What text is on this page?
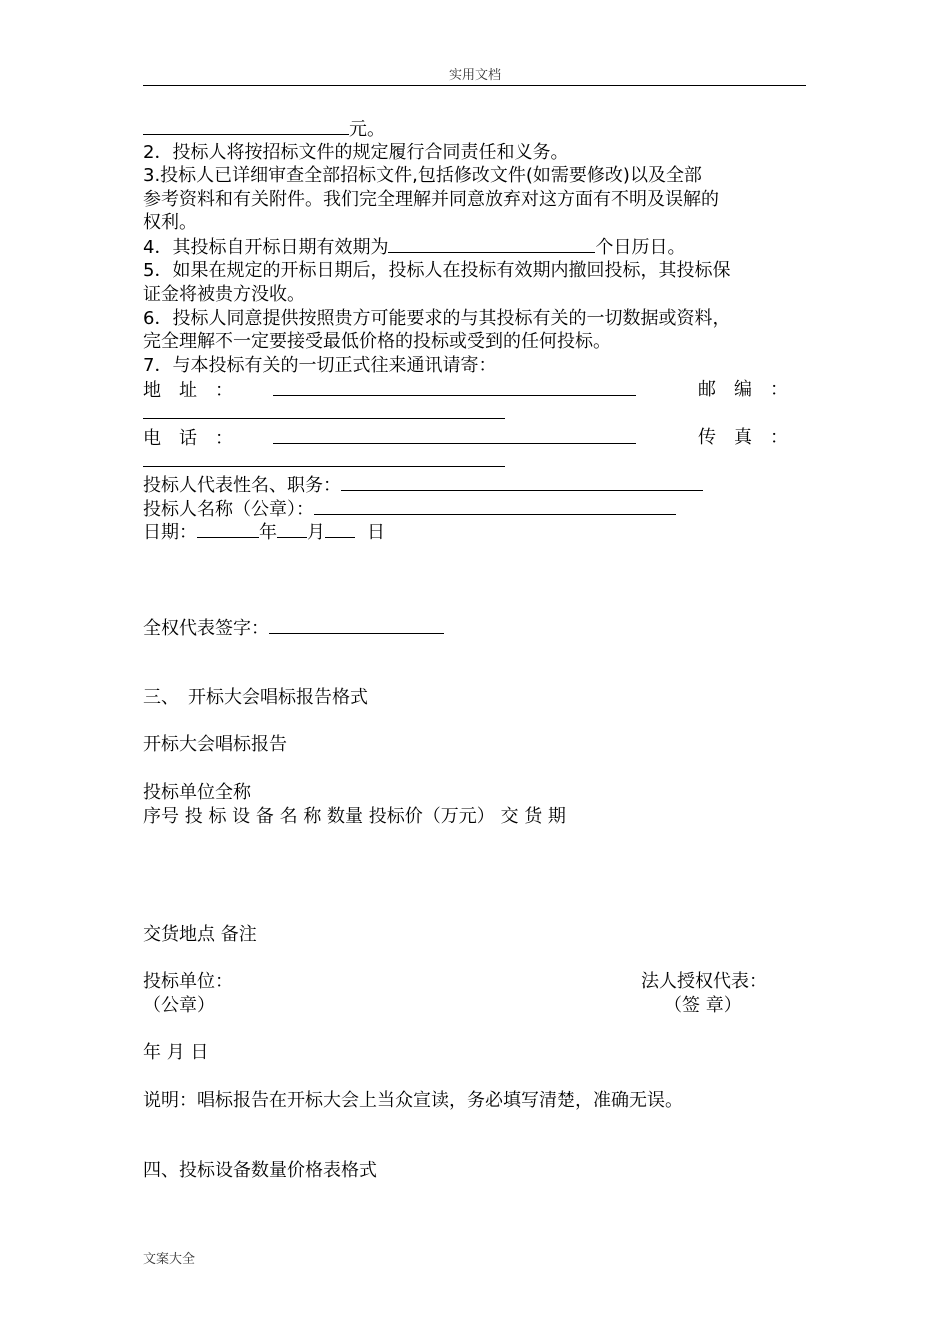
实用文档
元。
2．投标人将按招标文件的规定履行合同责任和义务。
3.投标人已详细审查全部招标文件,包括修改文件(如需要修改)以及全部
参考资料和有关附件。我们完全理解并同意放弃对这方面有不明及误解的
权利。
4．其投标自开标日期有效期为	个日历日。
5．如果在规定的开标日期后，投标人在投标有效期内撤回投标，其投标保
证金将被贵方没收。
6．投标人同意提供按照贵方可能要求的与其投标有关的一切数据或资料，
完全理解不一定要接受最低价格的投标或受到的任何投标。
7．与本投标有关的一切正式往来通讯请寄：
地　址　：	邮　编　：
电　话　：	传　真　：
投标人代表性名、职务：
投标人名称（公章）：
日期：	年 月 日
全权代表签字：
三、　开标大会唱标报告格式
开标大会唱标报告
投标单位全称
序号 投 标 设 备 名 称 数量 投标价（万元） 交 货 期
交货地点 备注
投标单位：	法人授权代表：
（公章）	（签 章）
年 月 日
说明：唱标报告在开标大会上当众宣读，务必填写清楚，准确无误。
四、投标设备数量价格表格式
文案大全
